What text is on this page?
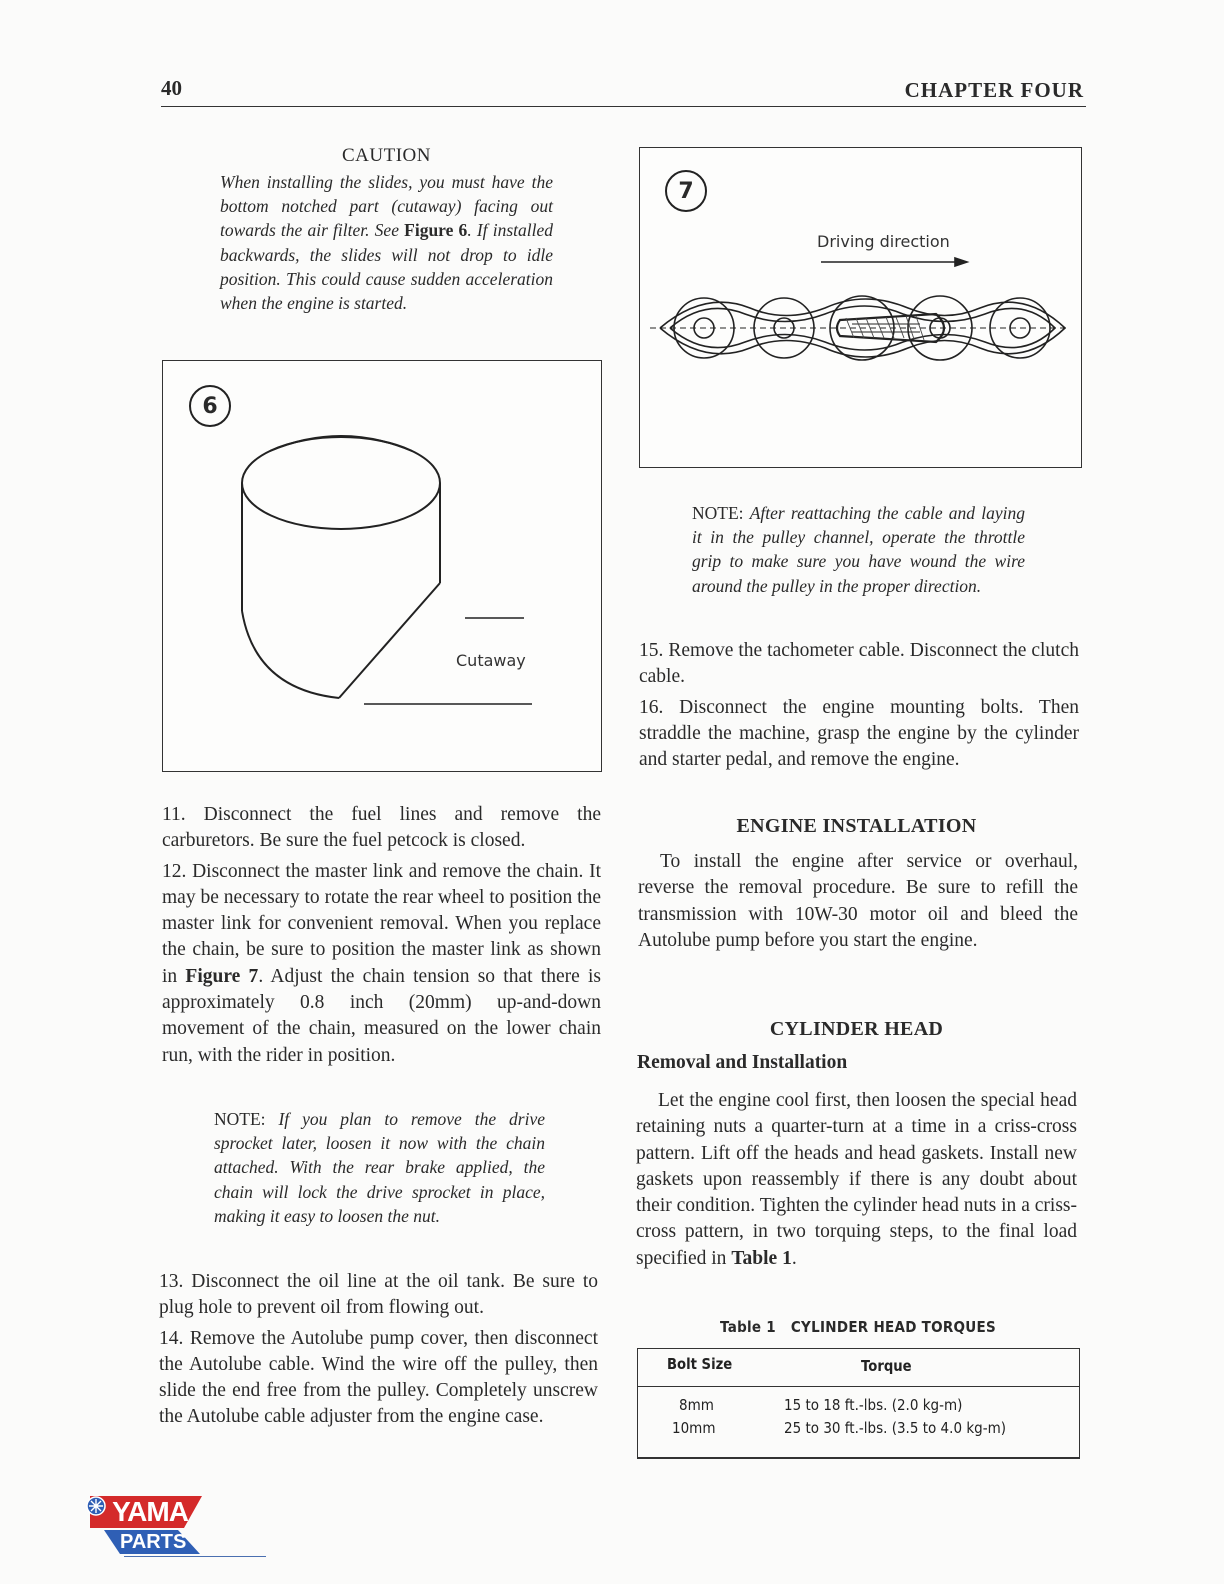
40	CHAPTER FOUR
CAUTION
When installing the slides, you must have the bottom notched part (cutaway) facing out towards the air filter. See Figure 6. If installed backwards, the slides will not drop to idle position. This could cause sudden acceleration when the engine is started.
6
Cutaway
7
Driving direction

11. Disconnect the fuel lines and remove the carburetors. Be sure the fuel petcock is closed.

12. Disconnect the master link and remove the chain. It may be necessary to rotate the rear wheel to position the master link for convenient removal. When you replace the chain, be sure to position the master link as shown in Figure 7. Adjust the chain tension so that there is approximately 0.8 inch (20mm) up-and-down movement of the chain, measured on the lower chain run, with the rider in position.

NOTE: If you plan to remove the drive sprocket later, loosen it now with the chain attached. With the rear brake applied, the chain will lock the drive sprocket in place, making it easy to loosen the nut.

13. Disconnect the oil line at the oil tank. Be sure to plug hole to prevent oil from flowing out.

14. Remove the Autolube pump cover, then disconnect the Autolube cable. Wind the wire off the pulley, then slide the end free from the pulley. Completely unscrew the Autolube cable adjuster from the engine case.

NOTE: After reattaching the cable and laying it in the pulley channel, operate the throttle grip to make sure you have wound the wire around the pulley in the proper direction.

15. Remove the tachometer cable. Disconnect the clutch cable.

16. Disconnect the engine mounting bolts. Then straddle the machine, grasp the engine by the cylinder and starter pedal, and remove the engine.

ENGINE INSTALLATION

To install the engine after service or overhaul, reverse the removal procedure. Be sure to refill the transmission with 10W-30 motor oil and bleed the Autolube pump before you start the engine.

CYLINDER HEAD
Removal and Installation

Let the engine cool first, then loosen the special head retaining nuts a quarter-turn at a time in a criss-cross pattern. Lift off the heads and head gaskets. Install new gaskets upon reassembly if there is any doubt about their condition. Tighten the cylinder head nuts in a criss-cross pattern, in two torquing steps, to the final load specified in Table 1.

Table 1   CYLINDER HEAD TORQUES
Bolt Size	Torque
8mm	15 to 18 ft.-lbs. (2.0 kg-m)
10mm	25 to 30 ft.-lbs. (3.5 to 4.0 kg-m)
YAMA
PARTS
